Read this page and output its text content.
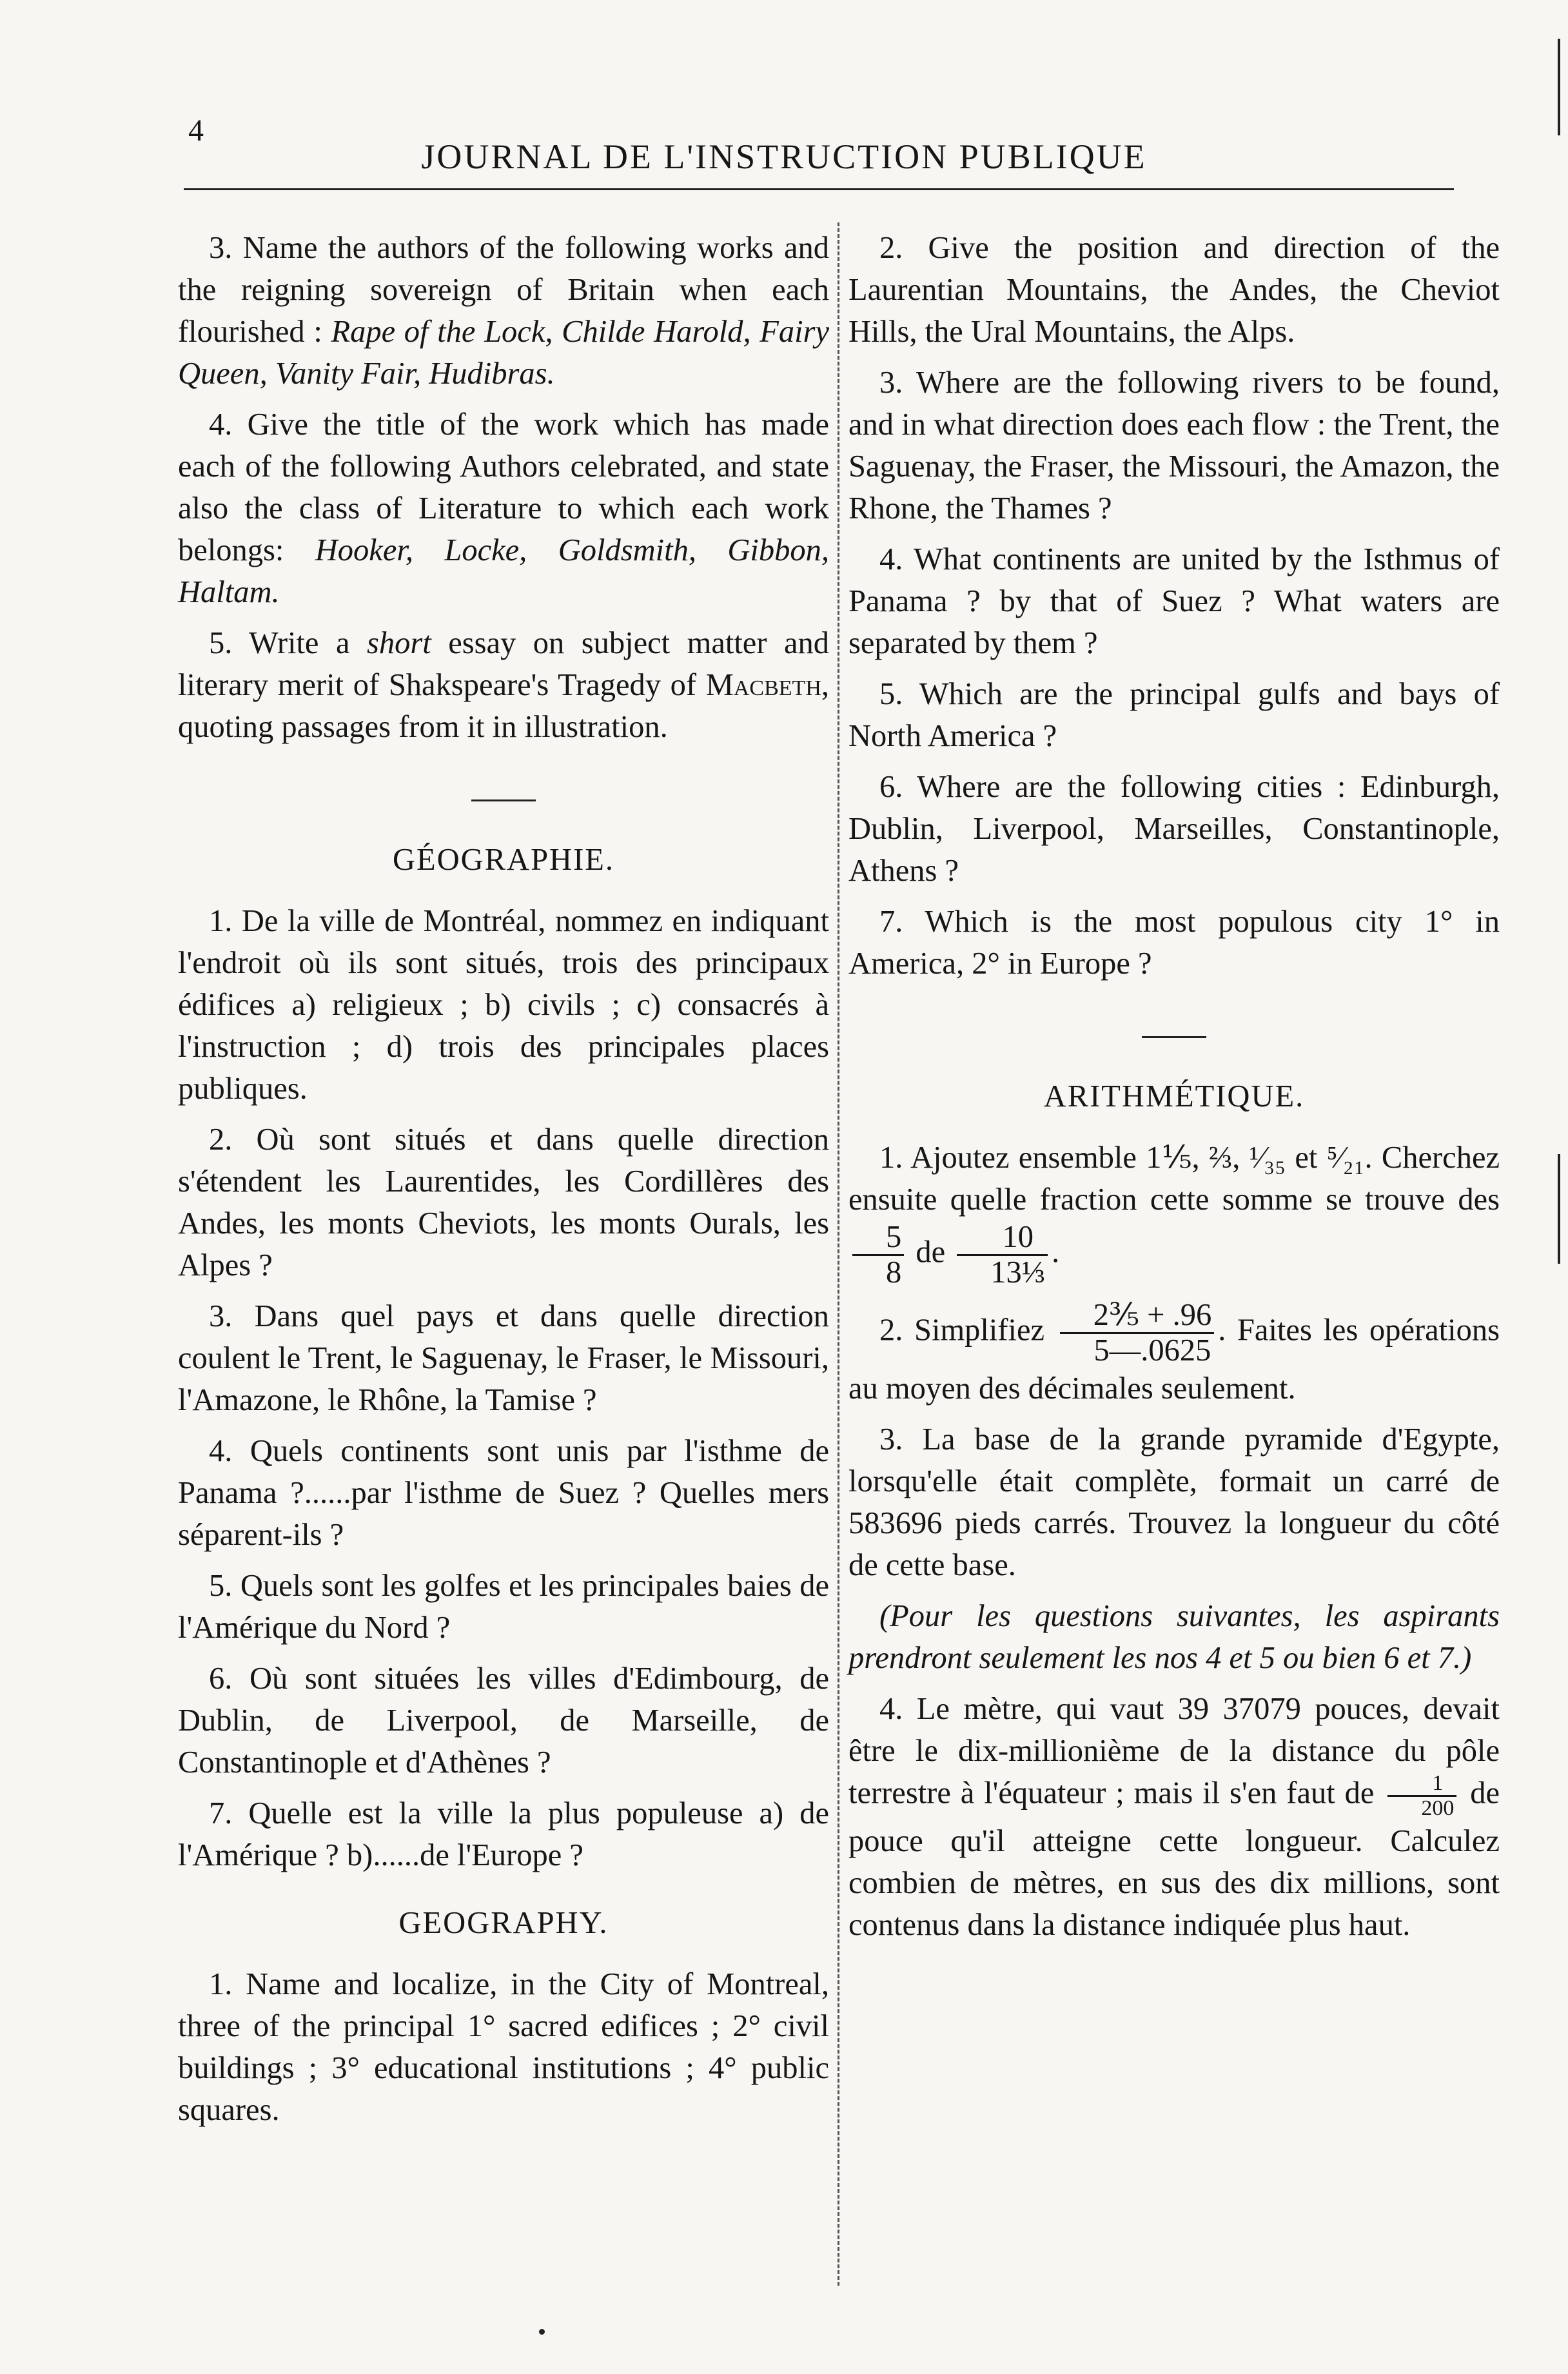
4
JOURNAL DE L'INSTRUCTION PUBLIQUE

3. Name the authors of the following works and the reigning sovereign of Britain when each flourished : Rape of the Lock, Childe Harold, Fairy Queen, Vanity Fair, Hudibras.

4. Give the title of the work which has made each of the following Authors celebrated, and state also the class of Literature to which each work belongs: Hooker, Locke, Goldsmith, Gibbon, Haltam.

5. Write a short essay on subject matter and literary merit of Shakspeare's Tragedy of Macbeth, quoting passages from it in illustration.

GÉOGRAPHIE.

1. De la ville de Montréal, nommez en indiquant l'endroit où ils sont situés, trois des principaux édifices a) religieux ; b) civils ; c) consacrés à l'instruction ; d) trois des principales places publiques.

2. Où sont situés et dans quelle direction s'étendent les Laurentides, les Cordillères des Andes, les monts Cheviots, les monts Ourals, les Alpes ?

3. Dans quel pays et dans quelle direction coulent le Trent, le Saguenay, le Fraser, le Missouri, l'Amazone, le Rhône, la Tamise ?

4. Quels continents sont unis par l'isthme de Panama ?......par l'isthme de Suez ? Quelles mers séparent-ils ?

5. Quels sont les golfes et les principales baies de l'Amérique du Nord ?

6. Où sont situées les villes d'Edimbourg, de Dublin, de Liverpool, de Marseille, de Constantinople et d'Athènes ?

7. Quelle est la ville la plus populeuse a) de l'Amérique ? b)......de l'Europe ?

GEOGRAPHY.

1. Name and localize, in the City of Montreal, three of the principal 1° sacred edifices ; 2° civil buildings ; 3° educational institutions ; 4° public squares.

2. Give the position and direction of the Laurentian Mountains, the Andes, the Cheviot Hills, the Ural Mountains, the Alps.

3. Where are the following rivers to be found, and in what direction does each flow : the Trent, the Saguenay, the Fraser, the Missouri, the Amazon, the Rhone, the Thames ?

4. What continents are united by the Isthmus of Panama ? by that of Suez ? What waters are separated by them ?

5. Which are the principal gulfs and bays of North America ?

6. Where are the following cities : Edinburgh, Dublin, Liverpool, Marseilles, Constantinople, Athens ?

7. Which is the most populous city 1° in America, 2° in Europe ?

ARITHMÉTIQUE.

1. Ajoutez ensemble 1⅕, ⅔, ¹⁄₃₅ et ⁵⁄₂₁. Cherchez ensuite quelle fraction cette somme se trouve des
$\frac{5}{8}$ de $\frac{10}{\text{13⅓}}$ .

2. Simplifiez $\frac{\text{2⅗ + .96}}{5—.0625}$ . Faites les opérations au moyen des décimales seulement.

3. La base de la grande pyramide d'Egypte, lorsqu'elle était complète, formait un carré de 583696 pieds carrés. Trouvez la longueur du côté de cette base.

(Pour les questions suivantes, les aspirants prendront seulement les nos 4 et 5 ou bien 6 et 7.)

4. Le mètre, qui vaut 39 37079 pouces, devait être le dix-millionième de la distance du pôle terrestre à l'équateur ; mais il s'en faut de $\frac{1}{200}$ de pouce qu'il atteigne cette longueur. Calculez combien de mètres, en sus des dix millions, sont contenus dans la distance indiquée plus haut.
